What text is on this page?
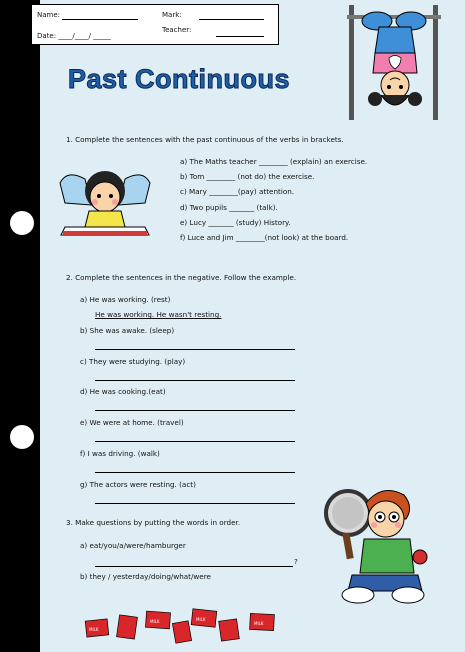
Name:	Mark:
Teacher:
Date: ____/____/ _____
Past Continuous
1. Complete the sentences with the past continuous of the verbs in brackets.
a) The Maths teacher ________ (explain) an exercise.
b) Tom ________ (not do) the exercise.
c) Mary ________(pay) attention.
d) Two pupils _______ (talk).
e) Lucy _______ (study) History.
f) Luce and Jim ________(not look) at the board.
2. Complete the sentences in the negative. Follow the example.
a) He was working. (rest)
He was working. He wasn't resting.
b) She was awake. (sleep)
c) They were studying. (play)
d) He was cooking.(eat)
e) We were at home. (travel)
f) I was driving. (walk)
g) The actors were resting. (act)
3. Make questions by putting the words in order.
a) eat/you/a/were/hamburger
?
b) they / yesterday/doing/what/were
MILK
MILK	MILK
MILK
